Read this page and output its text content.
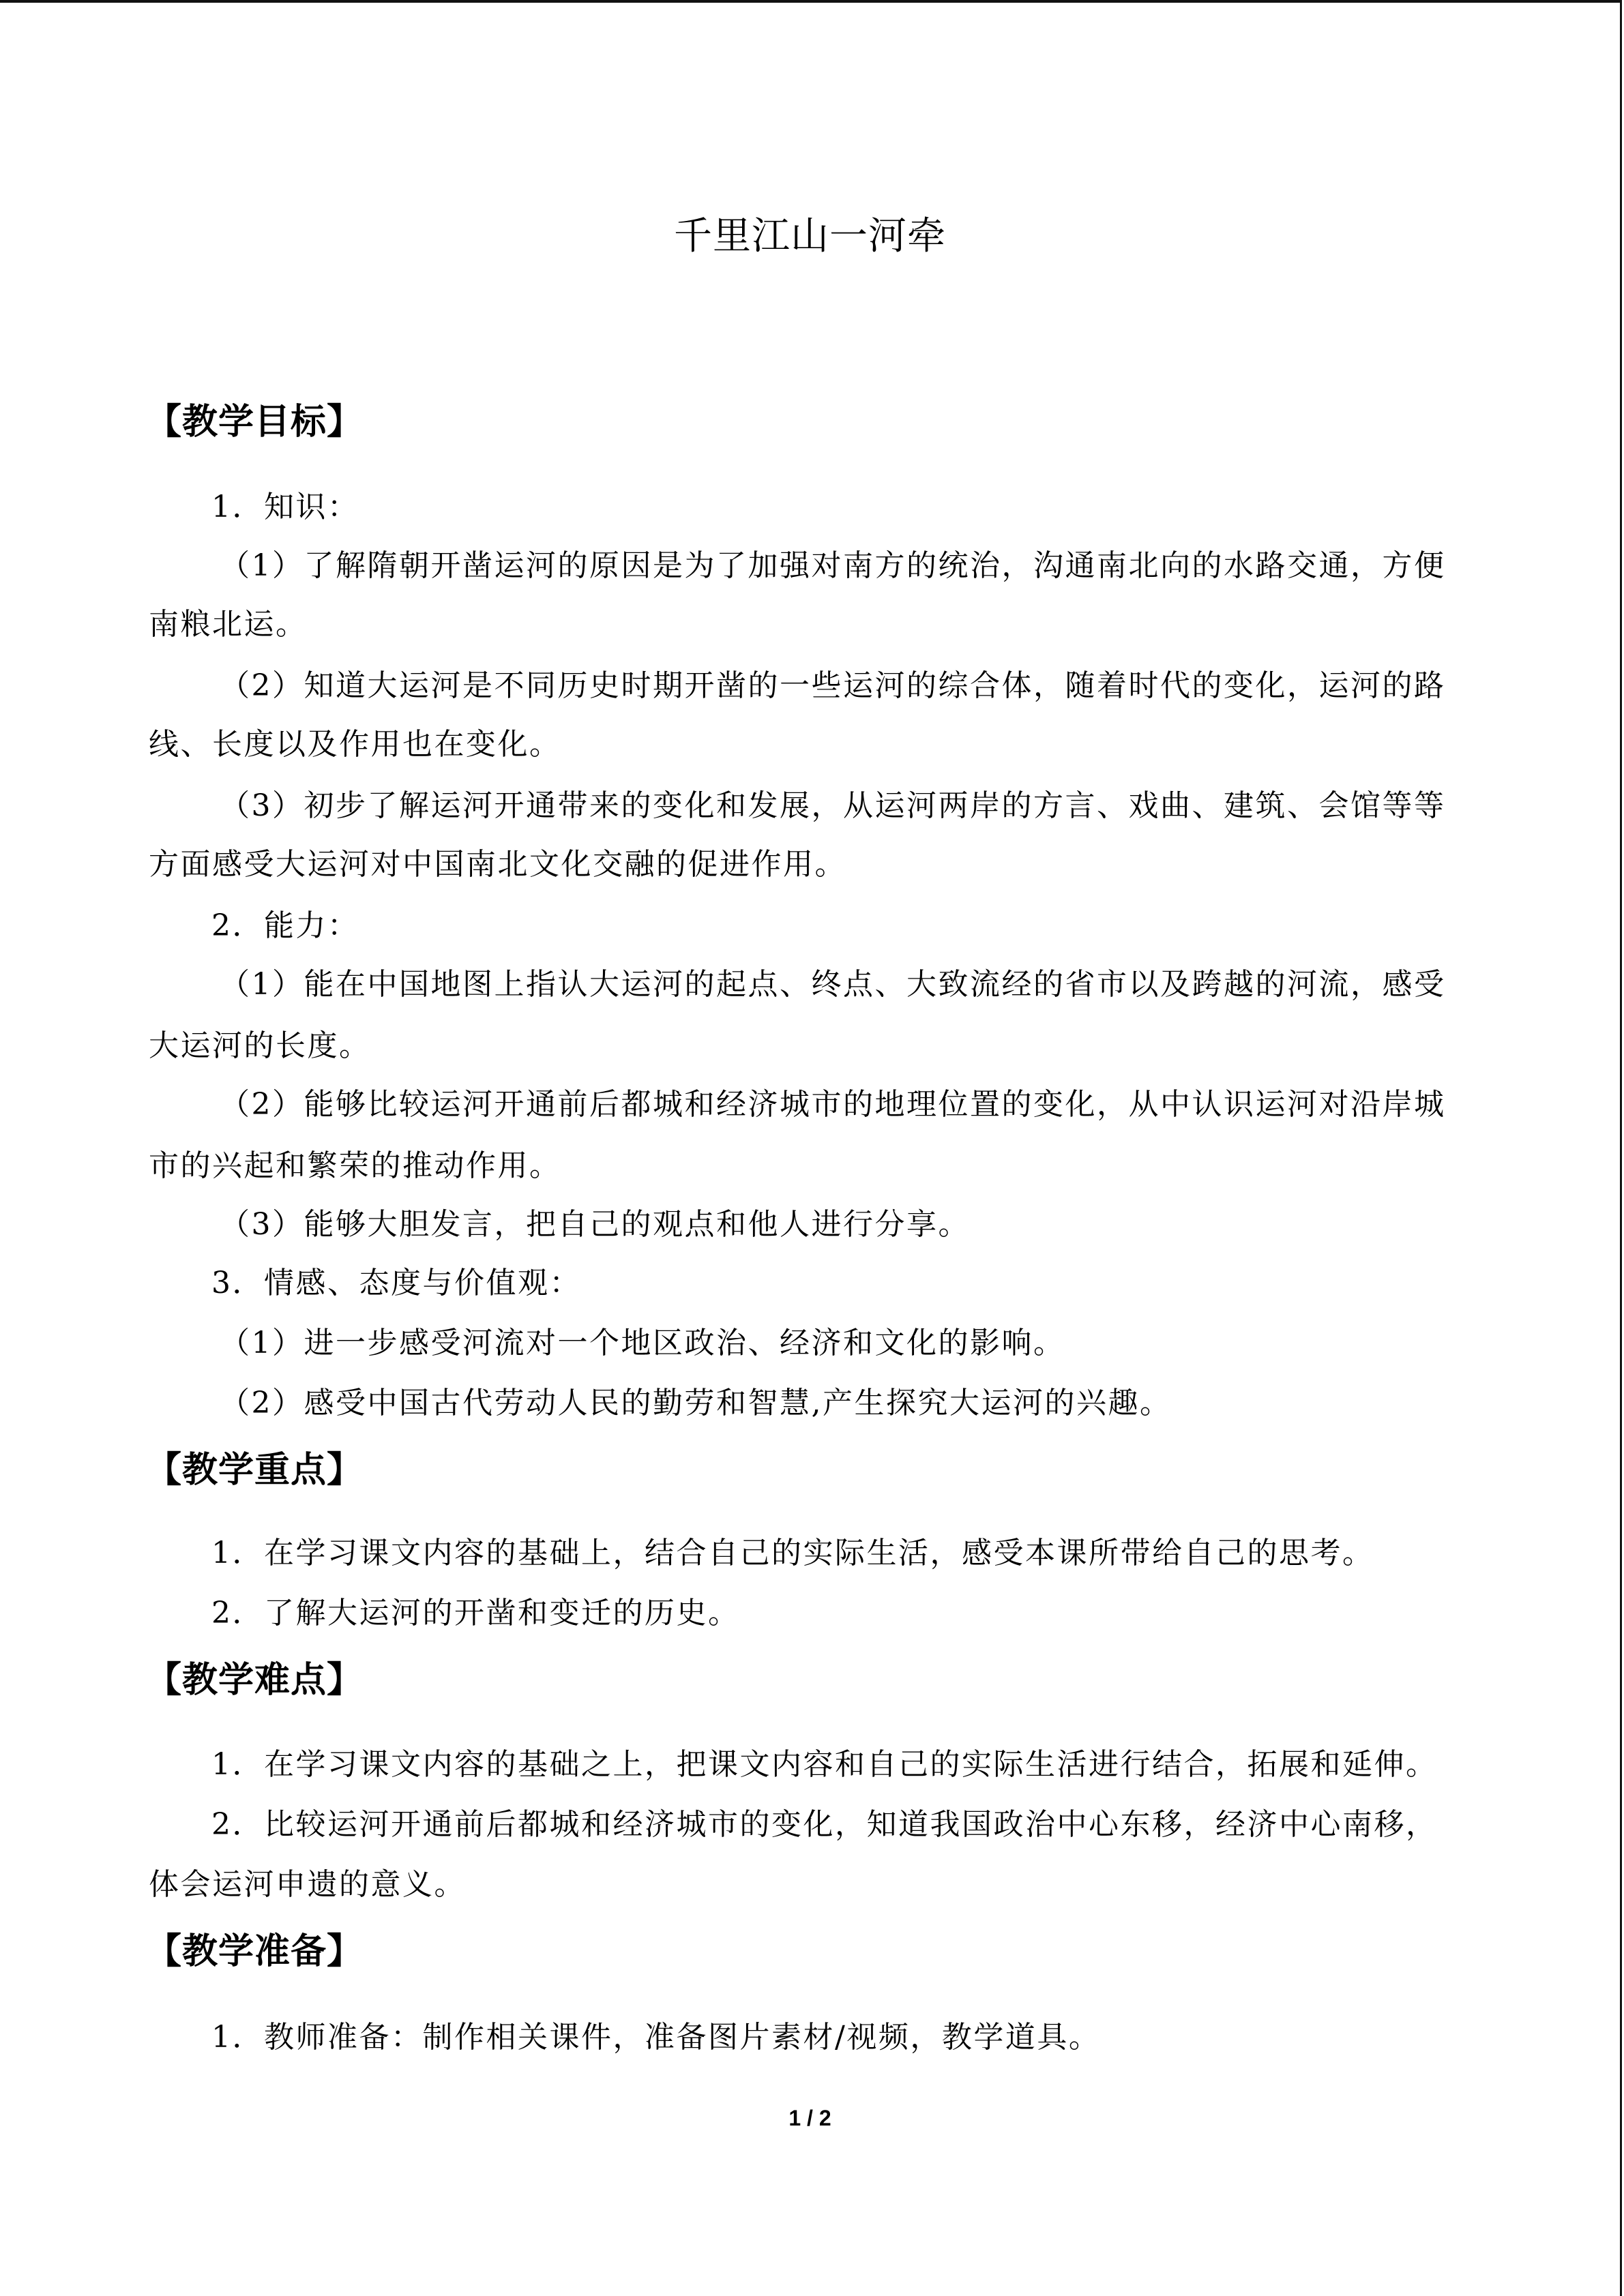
千里江山一河牵
【教学目标】
1．知识：
（1）了解隋朝开凿运河的原因是为了加强对南方的统治，沟通南北向的水路交通，方便
南粮北运。
（2）知道大运河是不同历史时期开凿的一些运河的综合体，随着时代的变化，运河的路
线、长度以及作用也在变化。
（3）初步了解运河开通带来的变化和发展，从运河两岸的方言、戏曲、建筑、会馆等等
方面感受大运河对中国南北文化交融的促进作用。
2．能力：
（1）能在中国地图上指认大运河的起点、终点、大致流经的省市以及跨越的河流，感受
大运河的长度。
（2）能够比较运河开通前后都城和经济城市的地理位置的变化，从中认识运河对沿岸城
市的兴起和繁荣的推动作用。
（3）能够大胆发言，把自己的观点和他人进行分享。
3．情感、态度与价值观：
（1）进一步感受河流对一个地区政治、经济和文化的影响。
（2）感受中国古代劳动人民的勤劳和智慧,产生探究大运河的兴趣。
【教学重点】
1．在学习课文内容的基础上，结合自己的实际生活，感受本课所带给自己的思考。
2．了解大运河的开凿和变迁的历史。
【教学难点】
1．在学习课文内容的基础之上，把课文内容和自己的实际生活进行结合，拓展和延伸。
2．比较运河开通前后都城和经济城市的变化，知道我国政治中心东移，经济中心南移，
体会运河申遗的意义。
【教学准备】
1．教师准备：制作相关课件，准备图片素材/视频，教学道具。
1 / 2
